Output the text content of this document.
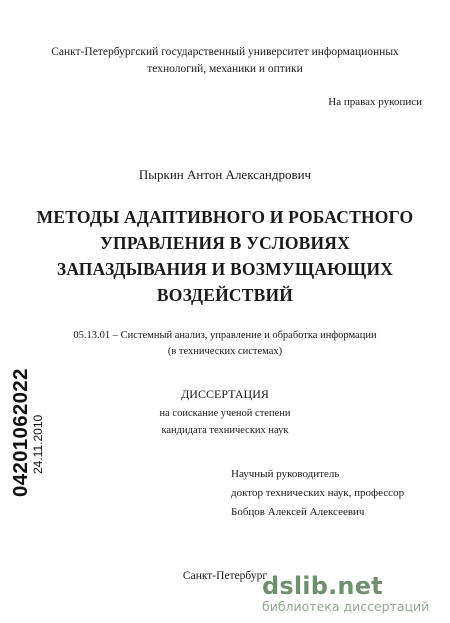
Санкт-Петербургский государственный университет информационных
технологий, механики и оптики
На правах рукописи
Пыркин Антон Александрович
МЕТОДЫ АДАПТИВНОГО И РОБАСТНОГО
УПРАВЛЕНИЯ В УСЛОВИЯХ
ЗАПАЗДЫВАНИЯ И ВОЗМУЩАЮЩИХ
ВОЗДЕЙСТВИЙ
05.13.01 – Системный анализ, управление и обработка информации
(в технических системах)
ДИССЕРТАЦИЯ
на соискание ученой степени
кандидата технических наук
Научный руководитель
доктор технических наук, профессор
Бобцов Алексей Алексеевич
Санкт-Петербург
04201062022 24.11.2010
dslib.net
библиотека диссертаций
